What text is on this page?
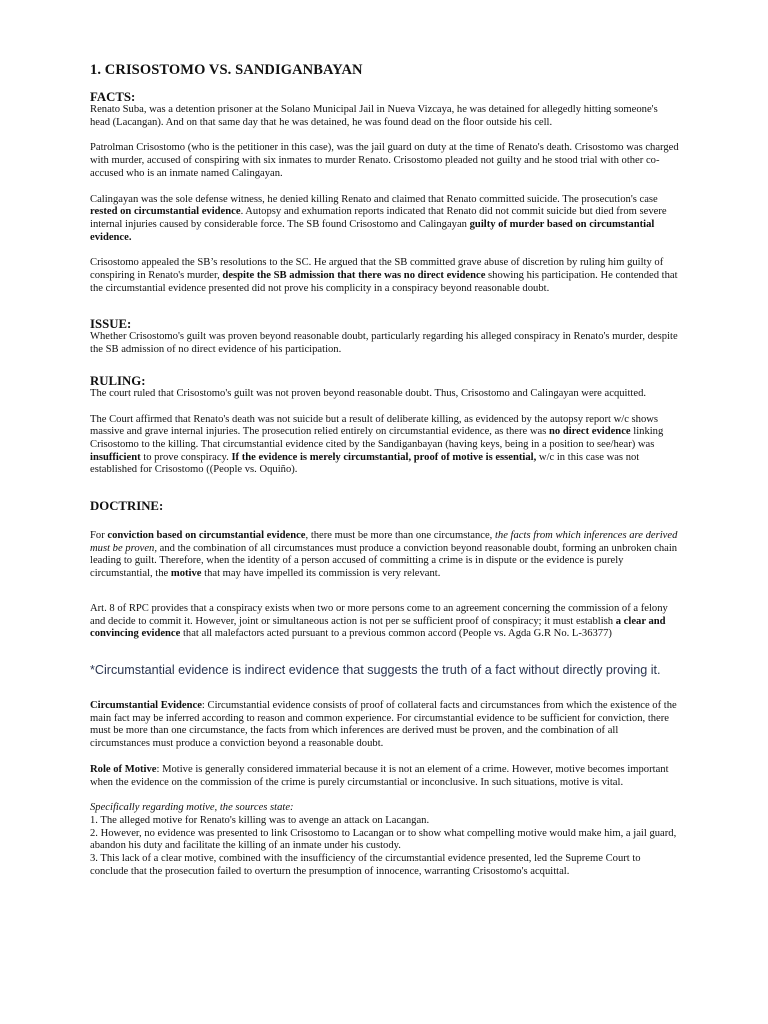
1. CRISOSTOMO VS. SANDIGANBAYAN
FACTS:

Renato Suba, was a detention prisoner at the Solano Municipal Jail in Nueva Vizcaya, he was detained for allegedly hitting someone's head (Lacangan). And on that same day that he was detained, he was found dead on the floor outside his cell.

Patrolman Crisostomo (who is the petitioner in this case), was the jail guard on duty at the time of Renato's death. Crisostomo was charged with murder, accused of conspiring with six inmates to murder Renato. Crisostomo pleaded not guilty and he stood trial with other co-accused who is an inmate named Calingayan.

Calingayan was the sole defense witness, he denied killing Renato and claimed that Renato committed suicide. The prosecution's case rested on circumstantial evidence. Autopsy and exhumation reports indicated that Renato did not commit suicide but died from severe internal injuries caused by considerable force. The SB found Crisostomo and Calingayan guilty of murder based on circumstantial evidence.

Crisostomo appealed the SB’s resolutions to the SC. He argued that the SB committed grave abuse of discretion by ruling him guilty of conspiring in Renato's murder, despite the SB admission that there was no direct evidence showing his participation. He contended that the circumstantial evidence presented did not prove his complicity in a conspiracy beyond reasonable doubt.

ISSUE:

Whether Crisostomo's guilt was proven beyond reasonable doubt, particularly regarding his alleged conspiracy in Renato's murder, despite the SB admission of no direct evidence of his participation.

RULING:

The court ruled that Crisostomo's guilt was not proven beyond reasonable doubt. Thus, Crisostomo and Calingayan were acquitted.

The Court affirmed that Renato's death was not suicide but a result of deliberate killing, as evidenced by the autopsy report w/c shows massive and grave internal injuries. The prosecution relied entirely on circumstantial evidence, as there was no direct evidence linking Crisostomo to the killing. That circumstantial evidence cited by the Sandiganbayan (having keys, being in a position to see/hear) was insufficient to prove conspiracy. If the evidence is merely circumstantial, proof of motive is essential, w/c in this case was not established for Crisostomo ((People vs. Oquiño).

DOCTRINE:

For conviction based on circumstantial evidence, there must be more than one circumstance, the facts from which inferences are derived must be proven, and the combination of all circumstances must produce a conviction beyond reasonable doubt, forming an unbroken chain leading to guilt. Therefore, when the identity of a person accused of committing a crime is in dispute or the evidence is purely circumstantial, the motive that may have impelled its commission is very relevant.

Art. 8 of RPC provides that a conspiracy exists when two or more persons come to an agreement concerning the commission of a felony and decide to commit it. However, joint or simultaneous action is not per se sufficient proof of conspiracy; it must establish a clear and convincing evidence that all malefactors acted pursuant to a previous common accord (People vs. Agda G.R No. L-36377)

*Circumstantial evidence is indirect evidence that suggests the truth of a fact without directly proving it.

Circumstantial Evidence: Circumstantial evidence consists of proof of collateral facts and circumstances from which the existence of the main fact may be inferred according to reason and common experience. For circumstantial evidence to be sufficient for conviction, there must be more than one circumstance, the facts from which inferences are derived must be proven, and the combination of all circumstances must produce a conviction beyond a reasonable doubt.

Role of Motive: Motive is generally considered immaterial because it is not an element of a crime. However, motive becomes important when the evidence on the commission of the crime is purely circumstantial or inconclusive. In such situations, motive is vital.

Specifically regarding motive, the sources state:

1. The alleged motive for Renato's killing was to avenge an attack on Lacangan.

2. However, no evidence was presented to link Crisostomo to Lacangan or to show what compelling motive would make him, a jail guard, abandon his duty and facilitate the killing of an inmate under his custody.

3. This lack of a clear motive, combined with the insufficiency of the circumstantial evidence presented, led the Supreme Court to conclude that the prosecution failed to overturn the presumption of innocence, warranting Crisostomo's acquittal.
